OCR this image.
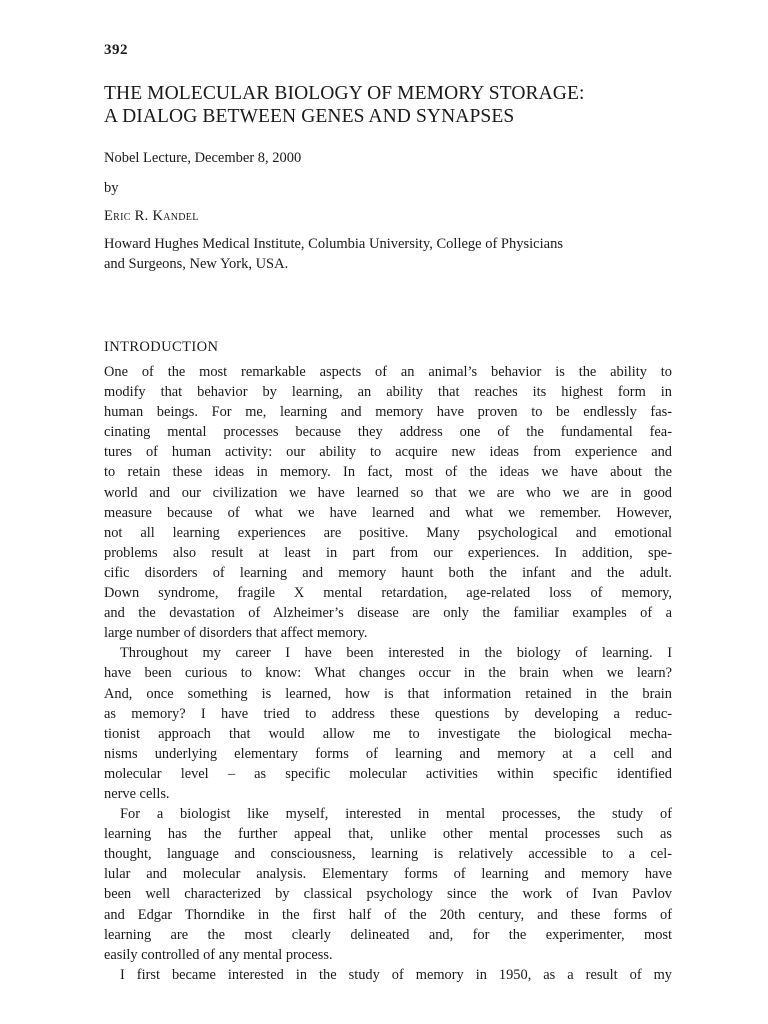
392
THE MOLECULAR BIOLOGY OF MEMORY STORAGE:
A DIALOG BETWEEN GENES AND SYNAPSES
Nobel Lecture, December 8, 2000
by
Eric R. Kandel
Howard Hughes Medical Institute, Columbia University, College of Physicians
and Surgeons, New York, USA.
INTRODUCTION
One of the most remarkable aspects of an animal’s behavior is the ability to
modify that behavior by learning, an ability that reaches its highest form in
human beings. For me, learning and memory have proven to be endlessly fas-
cinating mental processes because they address one of the fundamental fea-
tures of human activity: our ability to acquire new ideas from experience and
to retain these ideas in memory. In fact, most of the ideas we have about the
world and our civilization we have learned so that we are who we are in good
measure because of what we have learned and what we remember. However,
not all learning experiences are positive. Many psychological and emotional
problems also result at least in part from our experiences. In addition, spe-
cific disorders of learning and memory haunt both the infant and the adult.
Down syndrome, fragile X mental retardation, age-related loss of memory,
and the devastation of Alzheimer’s disease are only the familiar examples of a
large number of disorders that affect memory.
Throughout my career I have been interested in the biology of learning. I
have been curious to know: What changes occur in the brain when we learn?
And, once something is learned, how is that information retained in the brain
as memory? I have tried to address these questions by developing a reduc-
tionist approach that would allow me to investigate the biological mecha-
nisms underlying elementary forms of learning and memory at a cell and
molecular level – as specific molecular activities within specific identified
nerve cells.
For a biologist like myself, interested in mental processes, the study of
learning has the further appeal that, unlike other mental processes such as
thought, language and consciousness, learning is relatively accessible to a cel-
lular and molecular analysis. Elementary forms of learning and memory have
been well characterized by classical psychology since the work of Ivan Pavlov
and Edgar Thorndike in the first half of the 20th century, and these forms of
learning are the most clearly delineated and, for the experimenter, most
easily controlled of any mental process.
I first became interested in the study of memory in 1950, as a result of my
